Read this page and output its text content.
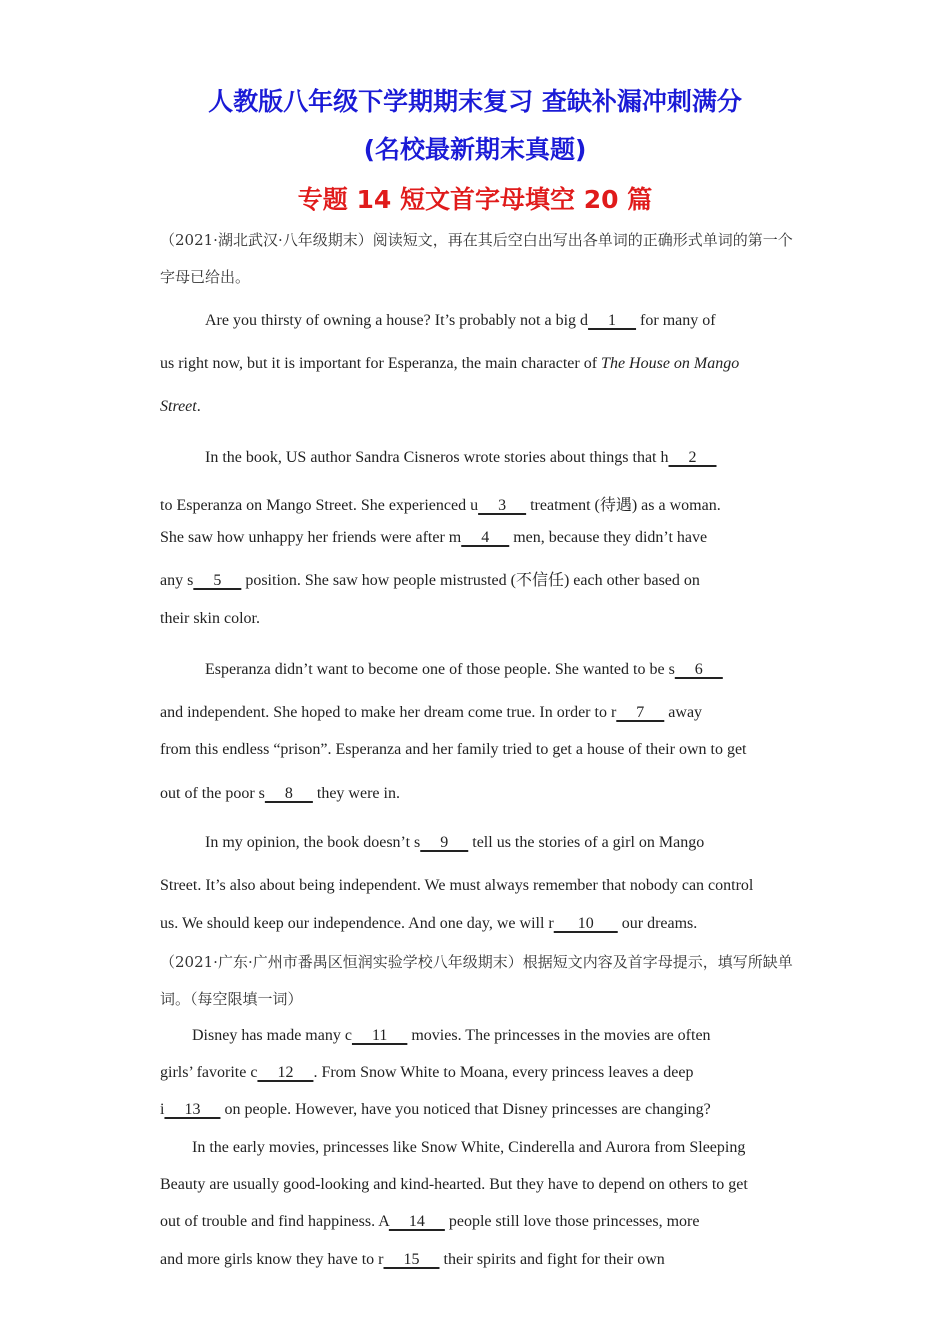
人教版八年级下学期期末复习 查缺补漏冲刺满分
(名校最新期末真题)
专题 14 短文首字母填空 20 篇
（2021·湖北武汉·八年级期末）阅读短文，再在其后空白出写出各单词的正确形式单词的第一个字母已给出。
Are you thirsty of owning a house? It’s probably not a big d     1      for many of
us right now, but it is important for Esperanza, the main character of The House on Mango
Street.
In the book, US author Sandra Cisneros wrote stories about things that h     2
to Esperanza on Mango Street. She experienced u     3      treatment (待遇) as a woman.
She saw how unhappy her friends were after m     4      men, because they didn’t have
any s     5      position. She saw how people mistrusted (不信任) each other based on
their skin color.
Esperanza didn’t want to become one of those people. She wanted to be s     6
and independent. She hoped to make her dream come true. In order to r     7      away
from this endless “prison”. Esperanza and her family tried to get a house of their own to get
out of the poor s     8      they were in.
In my opinion, the book doesn’t s     9      tell us the stories of a girl on Mango
Street. It’s also about being independent. We must always remember that nobody can control
us. We should keep our independence. And one day, we will r      10       our dreams.
（2021·广东·广州市番禺区恒润实验学校八年级期末）根据短文内容及首字母提示，填写所缺单词。（每空限填一词）
Disney has made many c     11      movies. The princesses in the movies are often
girls’ favorite c     12     . From Snow White to Moana, every princess leaves a deep
i     13      on people. However, have you noticed that Disney princesses are changing?
In the early movies, princesses like Snow White, Cinderella and Aurora from Sleeping
Beauty are usually good-looking and kind-hearted. But they have to depend on others to get
out of trouble and find happiness. A     14      people still love those princesses, more
and more girls know they have to r     15      their spirits and fight for their own
